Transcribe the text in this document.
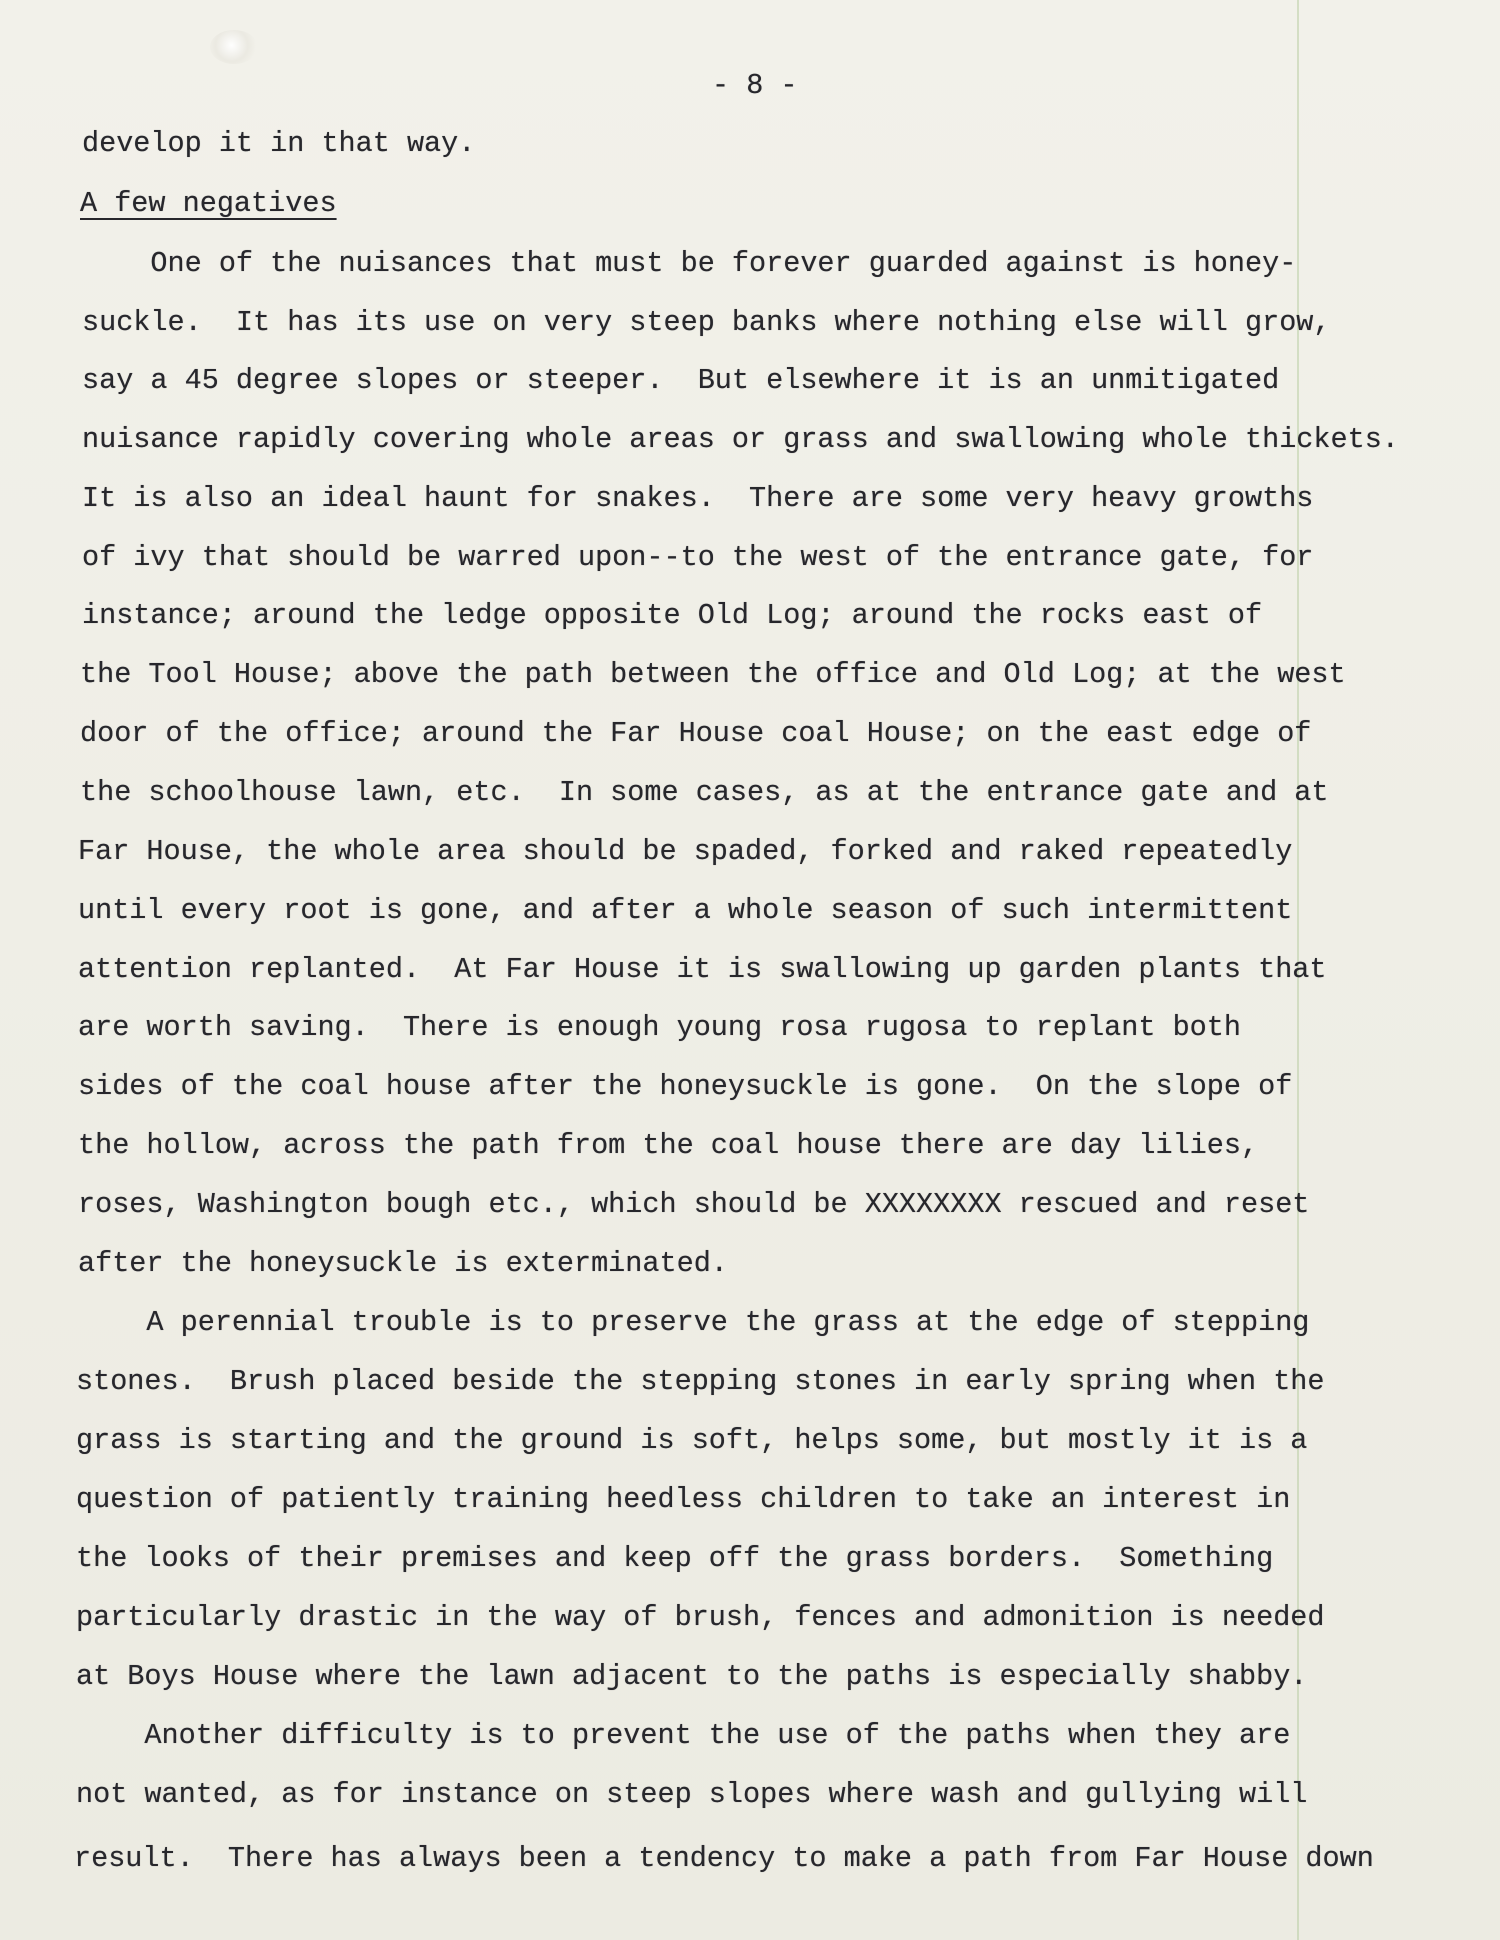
- 8 -
develop it in that way.
A few negatives
One of the nuisances that must be forever guarded against is honey-
suckle.  It has its use on very steep banks where nothing else will grow,
say a 45 degree slopes or steeper.  But elsewhere it is an unmitigated
nuisance rapidly covering whole areas or grass and swallowing whole thickets.
It is also an ideal haunt for snakes.  There are some very heavy growths
of ivy that should be warred upon--to the west of the entrance gate, for
instance; around the ledge opposite Old Log; around the rocks east of
the Tool House; above the path between the office and Old Log; at the west
door of the office; around the Far House coal House; on the east edge of
the schoolhouse lawn, etc.  In some cases, as at the entrance gate and at
Far House, the whole area should be spaded, forked and raked repeatedly
until every root is gone, and after a whole season of such intermittent
attention replanted.  At Far House it is swallowing up garden plants that
are worth saving.  There is enough young rosa rugosa to replant both
sides of the coal house after the honeysuckle is gone.  On the slope of
the hollow, across the path from the coal house there are day lilies,
roses, Washington bough etc., which should be XXXXXXXX rescued and reset
after the honeysuckle is exterminated.
A perennial trouble is to preserve the grass at the edge of stepping
stones.  Brush placed beside the stepping stones in early spring when the
grass is starting and the ground is soft, helps some, but mostly it is a
question of patiently training heedless children to take an interest in
the looks of their premises and keep off the grass borders.  Something
particularly drastic in the way of brush, fences and admonition is needed
at Boys House where the lawn adjacent to the paths is especially shabby.
Another difficulty is to prevent the use of the paths when they are
not wanted, as for instance on steep slopes where wash and gullying will
result.  There has always been a tendency to make a path from Far House down
